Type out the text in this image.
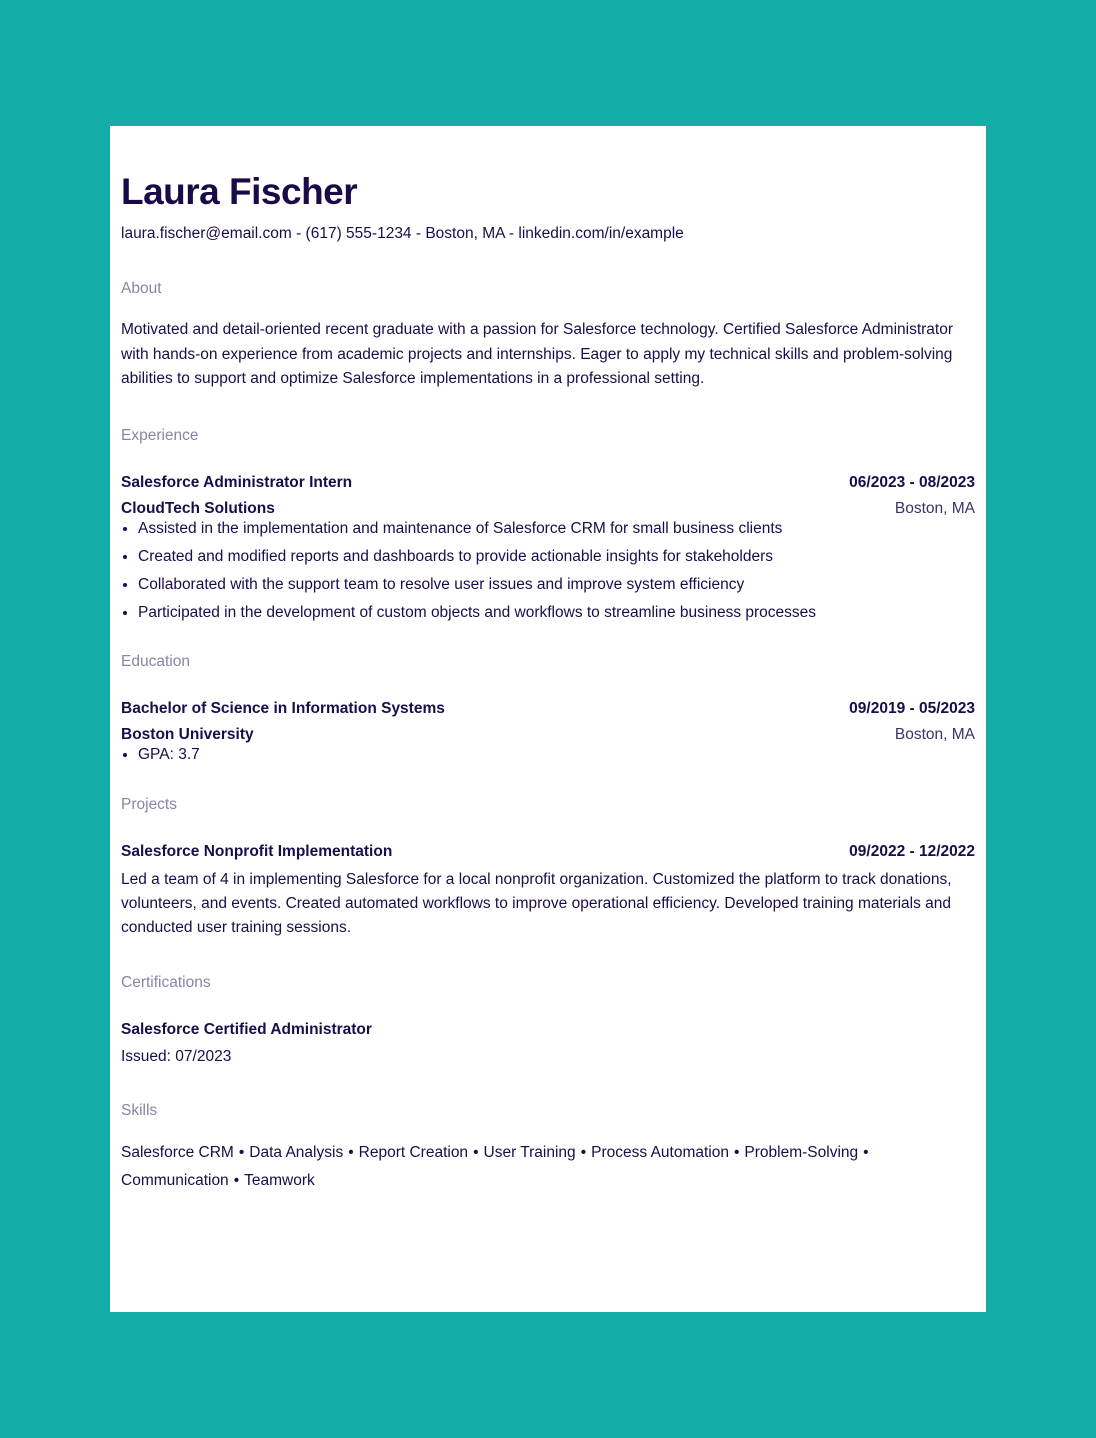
Laura Fischer
laura.fischer@email.com - (617) 555-1234 - Boston, MA - linkedin.com/in/example
About
Motivated and detail-oriented recent graduate with a passion for Salesforce technology. Certified Salesforce Administrator with hands-on experience from academic projects and internships. Eager to apply my technical skills and problem-solving abilities to support and optimize Salesforce implementations in a professional setting.
Experience
Salesforce Administrator Intern	06/2023 - 08/2023
CloudTech Solutions	Boston, MA
• Assisted in the implementation and maintenance of Salesforce CRM for small business clients
• Created and modified reports and dashboards to provide actionable insights for stakeholders
• Collaborated with the support team to resolve user issues and improve system efficiency
• Participated in the development of custom objects and workflows to streamline business processes
Education
Bachelor of Science in Information Systems	09/2019 - 05/2023
Boston University	Boston, MA
• GPA: 3.7
Projects
Salesforce Nonprofit Implementation	09/2022 - 12/2022
Led a team of 4 in implementing Salesforce for a local nonprofit organization. Customized the platform to track donations, volunteers, and events. Created automated workflows to improve operational efficiency. Developed training materials and conducted user training sessions.
Certifications
Salesforce Certified Administrator
Issued: 07/2023
Skills
Salesforce CRM • Data Analysis • Report Creation • User Training • Process Automation • Problem-Solving •
Communication • Teamwork
